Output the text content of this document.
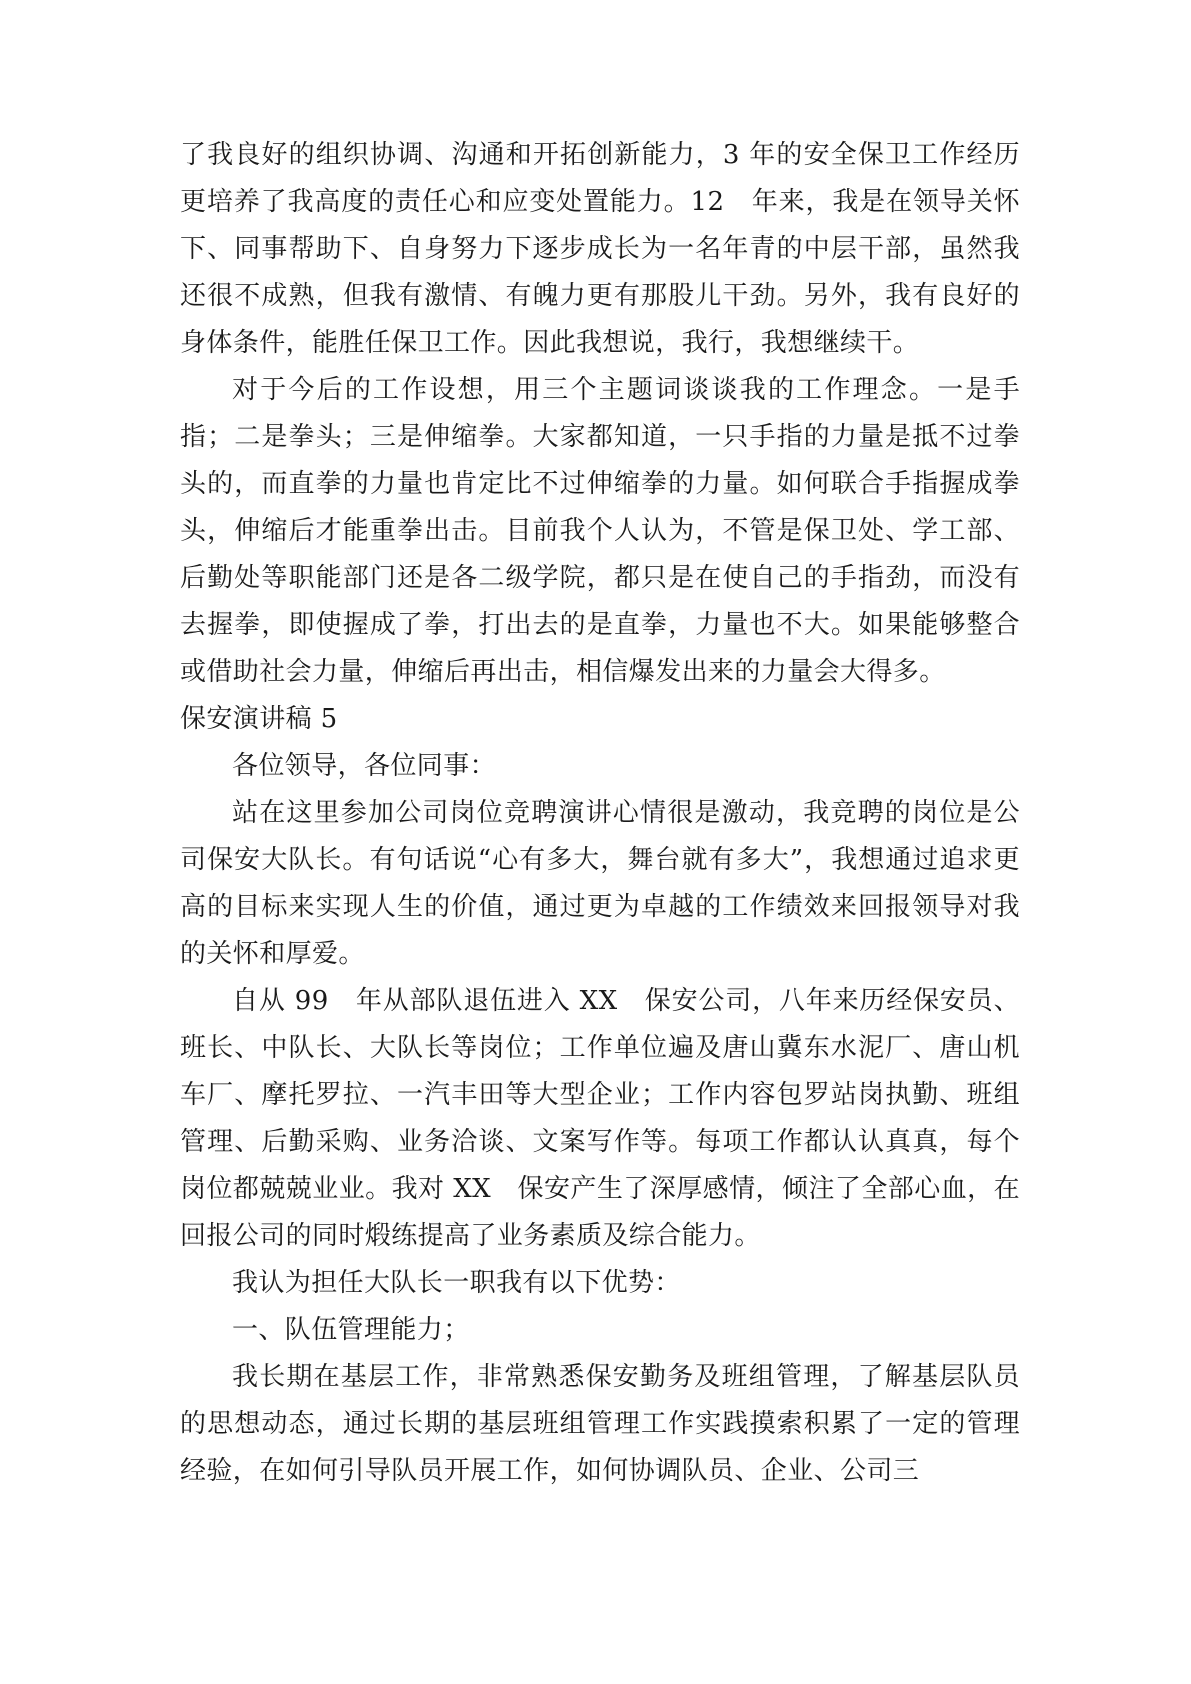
了我良好的组织协调、沟通和开拓创新能力，3 年的安全保卫工作经历更培养了我高度的责任心和应变处置能力。12　年来，我是在领导关怀下、同事帮助下、自身努力下逐步成长为一名年青的中层干部，虽然我还很不成熟，但我有激情、有魄力更有那股儿干劲。另外，我有良好的身体条件，能胜任保卫工作。因此我想说，我行，我想继续干。

对于今后的工作设想，用三个主题词谈谈我的工作理念。一是手指；二是拳头；三是伸缩拳。大家都知道，一只手指的力量是抵不过拳头的，而直拳的力量也肯定比不过伸缩拳的力量。如何联合手指握成拳头，伸缩后才能重拳出击。目前我个人认为，不管是保卫处、学工部、后勤处等职能部门还是各二级学院，都只是在使自己的手指劲，而没有去握拳，即使握成了拳，打出去的是直拳，力量也不大。如果能够整合或借助社会力量，伸缩后再出击，相信爆发出来的力量会大得多。

保安演讲稿 5

各位领导，各位同事：

站在这里参加公司岗位竞聘演讲心情很是激动，我竞聘的岗位是公司保安大队长。有句话说“心有多大，舞台就有多大”，我想通过追求更高的目标来实现人生的价值，通过更为卓越的工作绩效来回报领导对我的关怀和厚爱。

自从 99　年从部队退伍进入 XX　保安公司，八年来历经保安员、班长、中队长、大队长等岗位；工作单位遍及唐山冀东水泥厂、唐山机车厂、摩托罗拉、一汽丰田等大型企业；工作内容包罗站岗执勤、班组管理、后勤采购、业务洽谈、文案写作等。每项工作都认认真真，每个岗位都兢兢业业。我对 XX　保安产生了深厚感情，倾注了全部心血，在回报公司的同时煅练提高了业务素质及综合能力。

我认为担任大队长一职我有以下优势：

一、队伍管理能力；

我长期在基层工作，非常熟悉保安勤务及班组管理，了解基层队员的思想动态，通过长期的基层班组管理工作实践摸索积累了一定的管理经验，在如何引导队员开展工作，如何协调队员、企业、公司三
